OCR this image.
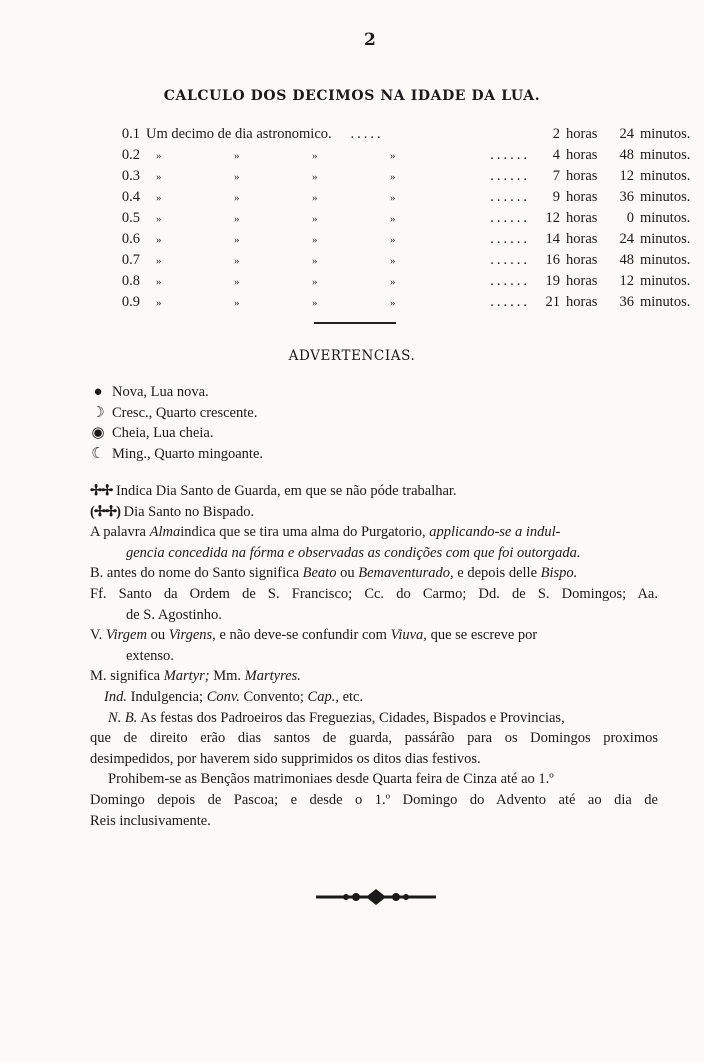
2
CALCULO DOS DECIMOS NA IDADE DA LUA.
0.1	Um decimo de dia astronomico. .....	2	horas	24	minutos.
0.2	» » » » ......	4	horas	48	minutos.
0.3	» » » » ......	7	horas	12	minutos.
0.4	» » » » ......	9	horas	36	minutos.
0.5	» » » » ......	12	horas	0	minutos.
0.6	» » » » ......	14	horas	24	minutos.
0.7	» » » » ......	16	horas	48	minutos.
0.8	» » » » ......	19	horas	12	minutos.
0.9	» » » » ......	21	horas	36	minutos.
ADVERTENCIAS.
● Nova, Lua nova.
☽ Cresc., Quarto crescente.
◉ Cheia, Lua cheia.
☾ Ming., Quarto mingoante.
✢✢ Indica Dia Santo de Guarda, em que se não póde trabalhar.
(✢✢) Dia Santo no Bispado.
A palavra Almaindica que se tira uma alma do Purgatorio, applicando-se a indul-
gencia concedida na fórma e observadas as condições com que foi outorgada.
B. antes do nome do Santo significa Beato ou Bemaventurado, e depois delle Bispo.
Ff. Santo da Ordem de S. Francisco; Cc. do Carmo; Dd. de S. Domingos; Aa.
de S. Agostinho.
V. Virgem ou Virgens, e não deve-se confundir com Viuva, que se escreve por
extenso.
M. significa Martyr; Mm. Martyres.
Ind. Indulgencia; Conv. Convento; Cap., etc.
N. B. As festas dos Padroeiros das Freguezias, Cidades, Bispados e Provincias,
que de direito erão dias santos de guarda, passárão para os Domingos proximos
desimpedidos, por haverem sido supprimidos os ditos dias festivos.
Prohibem-se as Bençãos matrimoniaes desde Quarta feira de Cinza até ao 1.º
Domingo depois de Pascoa; e desde o 1.º Domingo do Advento até ao dia de
Reis inclusivamente.
